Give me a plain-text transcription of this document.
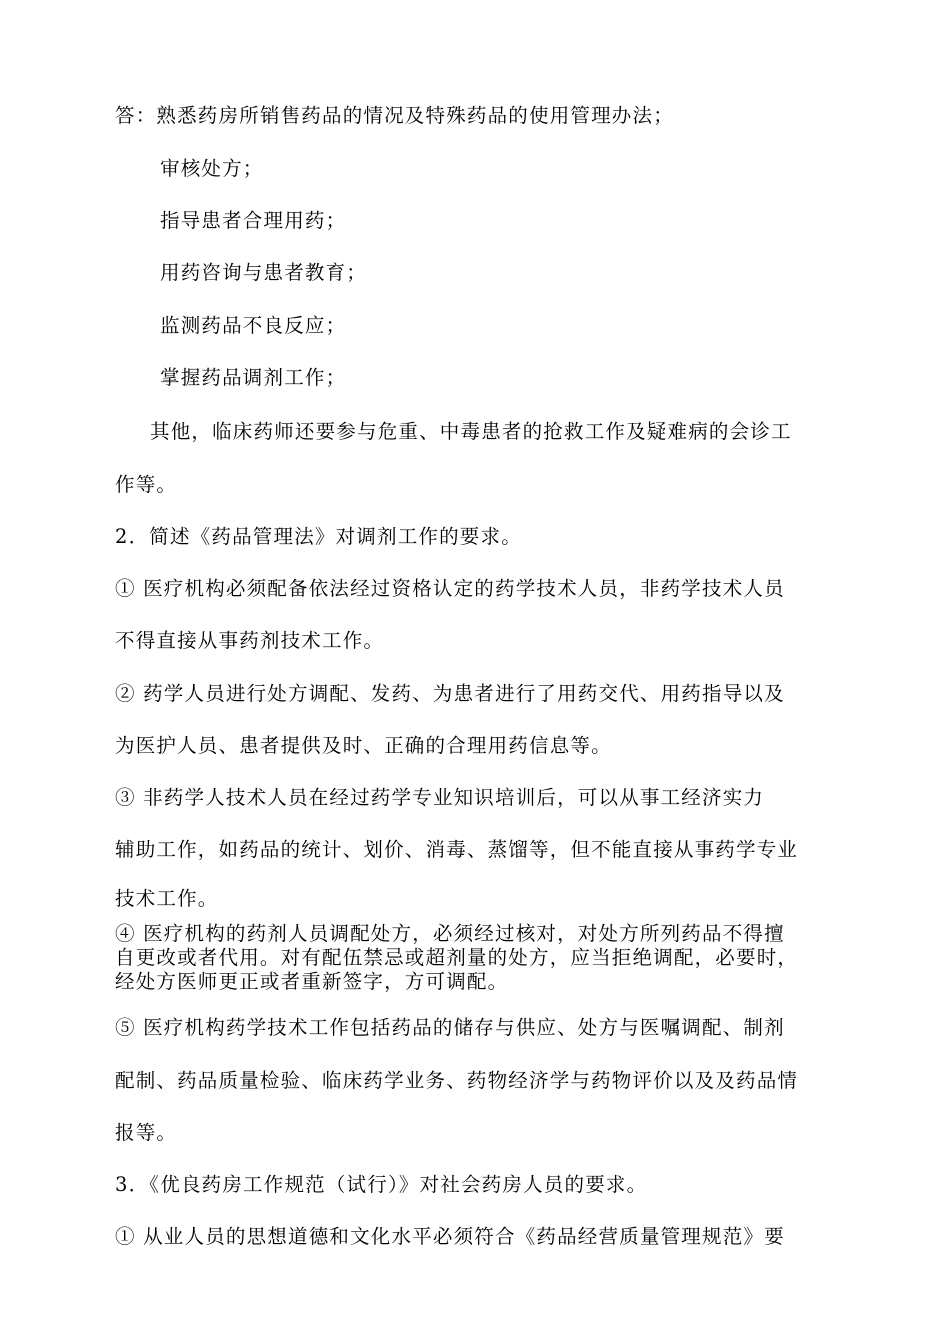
答：熟悉药房所销售药品的情况及特殊药品的使用管理办法；
审核处方；
指导患者合理用药；
用药咨询与患者教育；
监测药品不良反应；
掌握药品调剂工作；
其他，临床药师还要参与危重、中毒患者的抢救工作及疑难病的会诊工
作等。
2．简述《药品管理法》对调剂工作的要求。
① 医疗机构必须配备依法经过资格认定的药学技术人员，非药学技术人员
不得直接从事药剂技术工作。
② 药学人员进行处方调配、发药、为患者进行了用药交代、用药指导以及
为医护人员、患者提供及时、正确的合理用药信息等。
③ 非药学人技术人员在经过药学专业知识培训后，可以从事工经济实力
辅助工作，如药品的统计、划价、消毒、蒸馏等，但不能直接从事药学专业
技术工作。
④ 医疗机构的药剂人员调配处方，必须经过核对，对处方所列药品不得擅
自更改或者代用。对有配伍禁忌或超剂量的处方，应当拒绝调配，必要时，
经处方医师更正或者重新签字，方可调配。
⑤ 医疗机构药学技术工作包括药品的储存与供应、处方与医嘱调配、制剂
配制、药品质量检验、临床药学业务、药物经济学与药物评价以及及药品情
报等。
3．《优良药房工作规范（试行）》对社会药房人员的要求。
① 从业人员的思想道德和文化水平必须符合《药品经营质量管理规范》要
